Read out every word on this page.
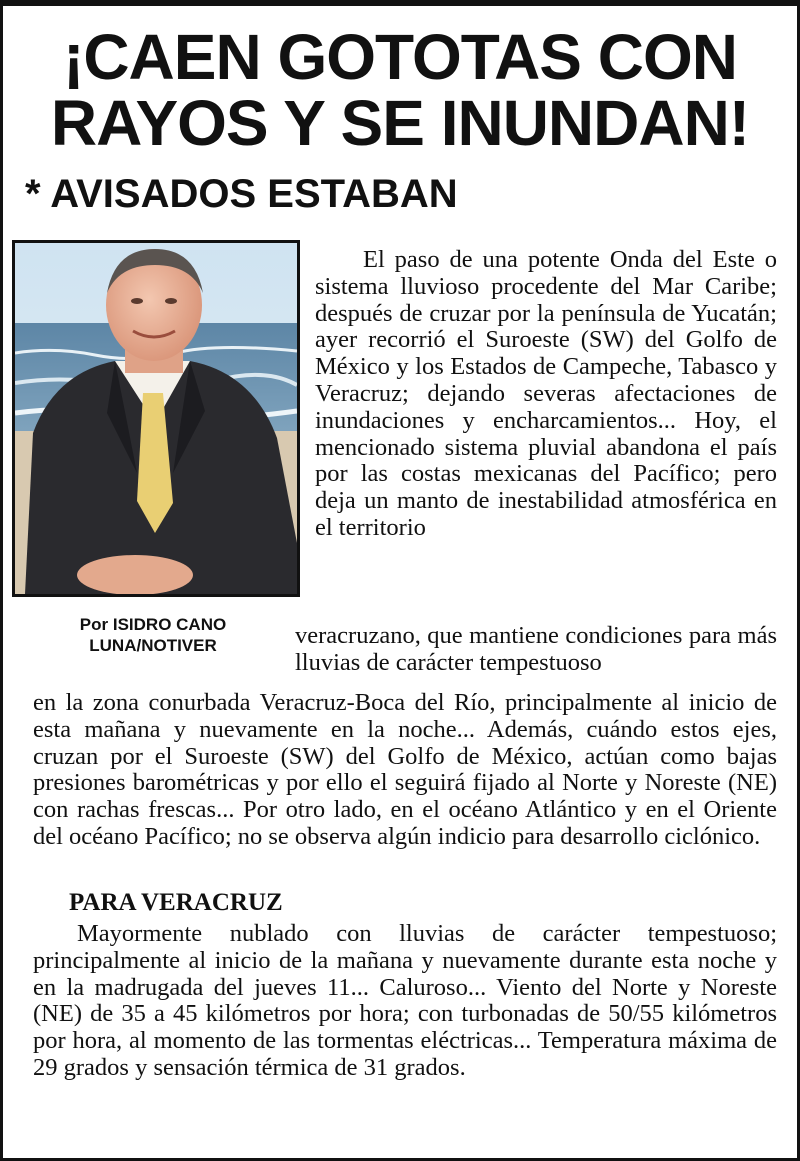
¡CAEN GOTOTAS CON
RAYOS Y SE INUNDAN!
* AVISADOS ESTABAN
Por ISIDRO CANO
LUNA/NOTIVER

El paso de una potente Onda del Este o sistema lluvioso procedente del Mar Caribe; después de cruzar por la península de Yucatán; ayer recorrió el Suroeste (SW) del Golfo de México y los Estados de Campeche, Tabasco y Veracruz; dejando severas afectaciones de inundaciones y encharcamientos... Hoy, el mencionado sistema pluvial abandona el país por las costas mexicanas del Pacífico; pero deja un manto de inestabilidad atmosférica en el territorio

veracruzano, que mantiene condiciones para más lluvias de carácter tempestuoso

en la zona conurbada Veracruz-Boca del Río, principalmente al inicio de esta mañana y nuevamente en la noche... Además, cuándo estos ejes, cruzan por el Suroeste (SW) del Golfo de México, actúan como bajas presiones barométricas y por ello el seguirá fijado al Norte y Noreste (NE) con rachas frescas... Por otro lado, en el océano Atlántico y en el Oriente del océano Pacífico; no se observa algún indicio para desarrollo ciclónico.

PARA VERACRUZ

Mayormente nublado con lluvias de carácter tempestuoso; principalmente al inicio de la mañana y nuevamente durante esta noche y en la madrugada del jueves 11... Caluroso... Viento del Norte y Noreste (NE) de 35 a 45 kilómetros por hora; con turbonadas de 50/55 kilómetros por hora, al momento de las tormentas eléctricas... Temperatura máxima de 29 grados y sensación térmica de 31 grados.
